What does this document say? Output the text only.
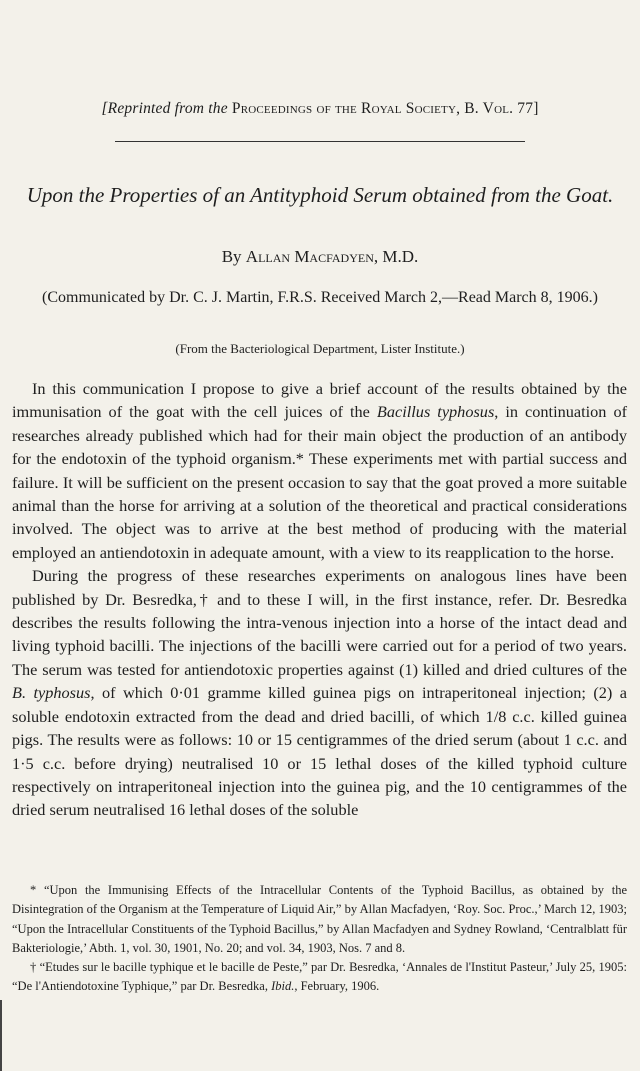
[Reprinted from the Proceedings of the Royal Society, B. Vol. 77]
Upon the Properties of an Antityphoid Serum obtained from the Goat.
By Allan Macfadyen, M.D.
(Communicated by Dr. C. J. Martin, F.R.S. Received March 2,—Read March 8, 1906.)
(From the Bacteriological Department, Lister Institute.)

In this communication I propose to give a brief account of the results obtained by the immunisation of the goat with the cell juices of the Bacillus typhosus, in continuation of researches already published which had for their main object the production of an antibody for the endotoxin of the typhoid organism.* These experiments met with partial success and failure. It will be sufficient on the present occasion to say that the goat proved a more suitable animal than the horse for arriving at a solution of the theoretical and practical considerations involved. The object was to arrive at the best method of producing with the material employed an antiendotoxin in adequate amount, with a view to its reapplication to the horse.

During the progress of these researches experiments on analogous lines have been published by Dr. Besredka,† and to these I will, in the first instance, refer. Dr. Besredka describes the results following the intra-venous injection into a horse of the intact dead and living typhoid bacilli. The injections of the bacilli were carried out for a period of two years. The serum was tested for antiendotoxic properties against (1) killed and dried cultures of the B. typhosus, of which 0·01 gramme killed guinea pigs on intraperitoneal injection; (2) a soluble endotoxin extracted from the dead and dried bacilli, of which 1/8 c.c. killed guinea pigs. The results were as follows: 10 or 15 centigrammes of the dried serum (about 1 c.c. and 1·5 c.c. before drying) neutralised 10 or 15 lethal doses of the killed typhoid culture respectively on intraperitoneal injection into the guinea pig, and the 10 centigrammes of the dried serum neutralised 16 lethal doses of the soluble

* “Upon the Immunising Effects of the Intracellular Contents of the Typhoid Bacillus, as obtained by the Disintegration of the Organism at the Temperature of Liquid Air,” by Allan Macfadyen, ‘Roy. Soc. Proc.,’ March 12, 1903; “Upon the Intracellular Constituents of the Typhoid Bacillus,” by Allan Macfadyen and Sydney Rowland, ‘Centralblatt für Bakteriologie,’ Abth. 1, vol. 30, 1901, No. 20; and vol. 34, 1903, Nos. 7 and 8.

† “Etudes sur le bacille typhique et le bacille de Peste,” par Dr. Besredka, ‘Annales de l'Institut Pasteur,’ July 25, 1905: “De l'Antiendotoxine Typhique,” par Dr. Besredka, Ibid., February, 1906.
